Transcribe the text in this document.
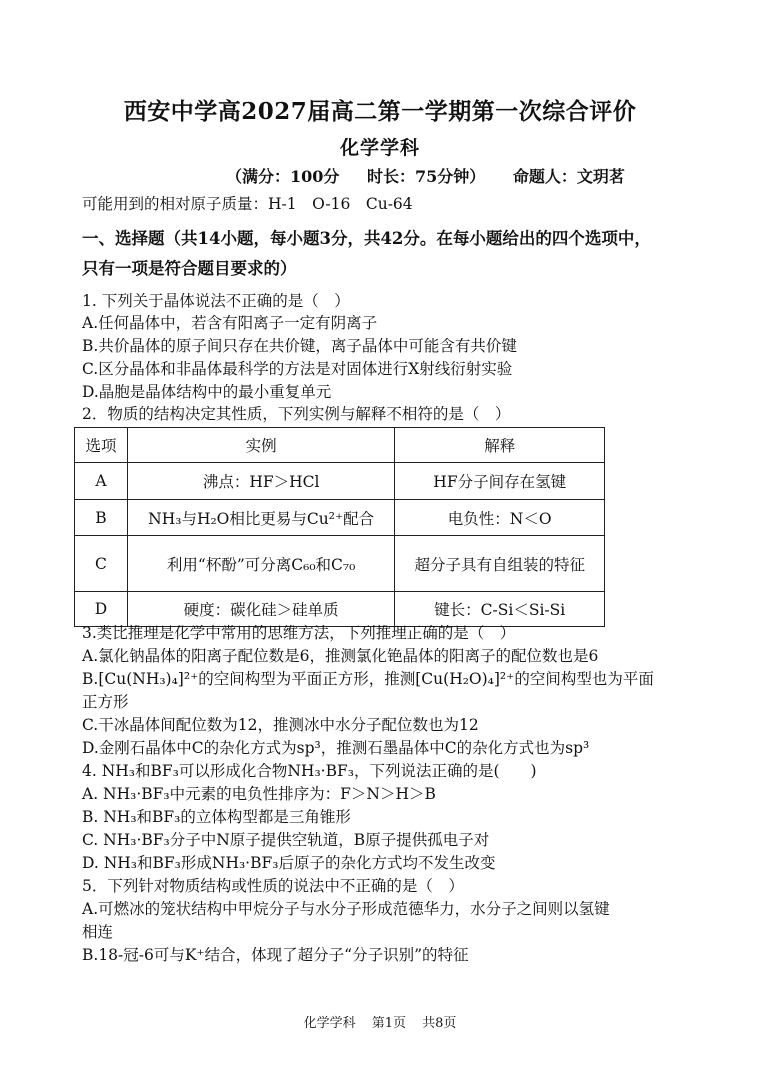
西安中学高2027届高二第一学期第一次综合评价
化学学科
（满分：100分 时长：75分钟） 命题人：文玥茗
可能用到的相对原子质量：H-1　O-16　Cu-64
一、选择题（共14小题，每小题3分，共42分。在每小题给出的四个选项中，
只有一项是符合题目要求的）
1. 下列关于晶体说法不正确的是（　）
A.任何晶体中，若含有阳离子一定有阴离子
B.共价晶体的原子间只存在共价键，离子晶体中可能含有共价键
C.区分晶体和非晶体最科学的方法是对固体进行X射线衍射实验
D.晶胞是晶体结构中的最小重复单元
2．物质的结构决定其性质，下列实例与解释不相符的是（　）
选项	实例	解释
A	沸点：HF＞HCl	HF分子间存在氢键
B	NH₃与H₂O相比更易与Cu²⁺配合	电负性：N＜O
C	利用“杯酚”可分离C₆₀和C₇₀	超分子具有自组装的特征
D	硬度：碳化硅＞硅单质	键长：C-Si＜Si-Si
3.类比推理是化学中常用的思维方法，下列推理正确的是（　）
A.氯化钠晶体的阳离子配位数是6，推测氯化铯晶体的阳离子的配位数也是6
B.[Cu(NH₃)₄]²⁺的空间构型为平面正方形，推测[Cu(H₂O)₄]²⁺的空间构型也为平面
正方形
C.干冰晶体间配位数为12，推测冰中水分子配位数也为12
D.金刚石晶体中C的杂化方式为sp³，推测石墨晶体中C的杂化方式也为sp³
4. NH₃和BF₃可以形成化合物NH₃·BF₃，下列说法正确的是(　　)
A. NH₃·BF₃中元素的电负性排序为：F＞N＞H＞B
B. NH₃和BF₃的立体构型都是三角锥形
C. NH₃·BF₃分子中N原子提供空轨道，B原子提供孤电子对
D. NH₃和BF₃形成NH₃·BF₃后原子的杂化方式均不发生改变
5．下列针对物质结构或性质的说法中不正确的是（　）
A.可燃冰的笼状结构中甲烷分子与水分子形成范德华力，水分子之间则以氢键
相连
B.18-冠-6可与K⁺结合，体现了超分子“分子识别”的特征
化学学科 第1页 共8页
